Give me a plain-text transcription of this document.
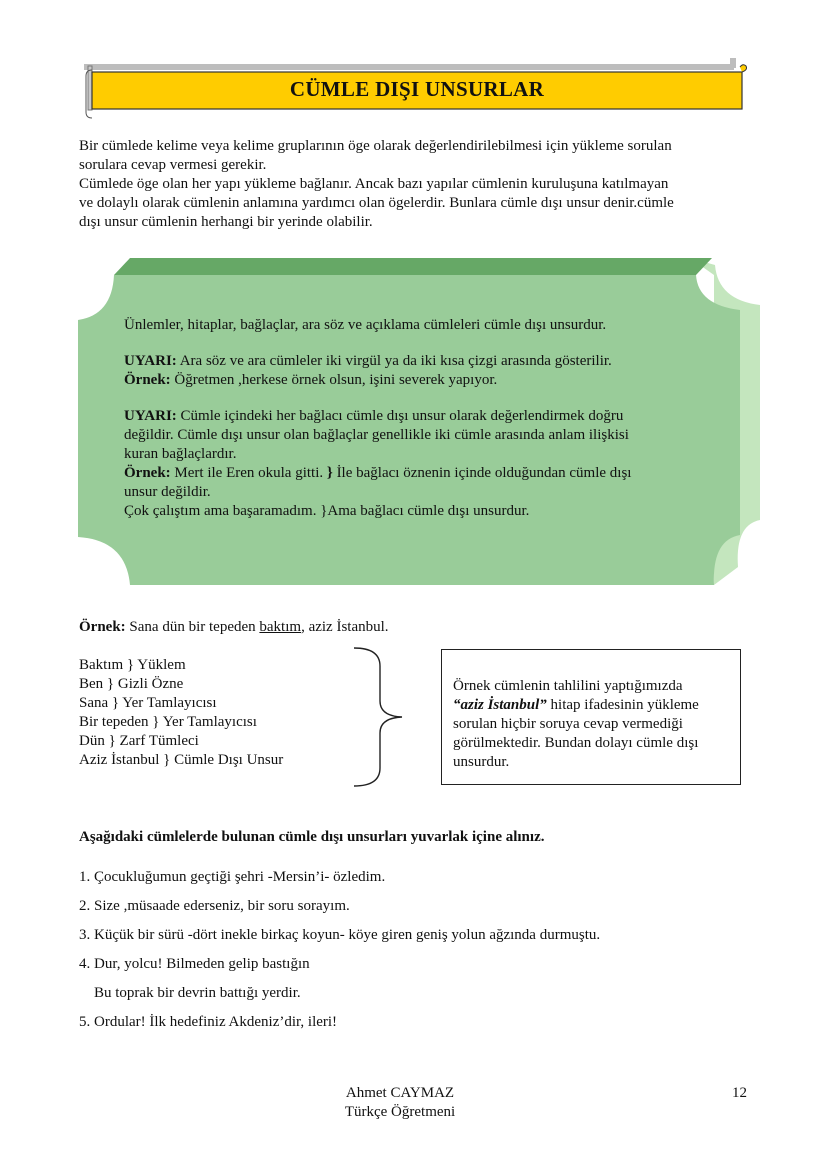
CÜMLE DIŞI UNSURLAR

Bir cümlede kelime veya kelime gruplarının öge olarak değerlendirilebilmesi için yükleme sorulan

sorulara cevap vermesi gerekir.

Cümlede öge olan her yapı yükleme bağlanır. Ancak bazı yapılar cümlenin kuruluşuna katılmayan

ve dolaylı olarak cümlenin anlamına yardımcı olan ögelerdir. Bunlara cümle dışı unsur denir.cümle

dışı unsur cümlenin herhangi bir yerinde olabilir.

Ünlemler, hitaplar, bağlaçlar, ara söz ve açıklama cümleleri cümle dışı unsurdur.

UYARI: Ara söz ve ara cümleler iki virgül ya da iki kısa çizgi arasında gösterilir.

Örnek: Öğretmen ,herkese örnek olsun, işini severek yapıyor.

UYARI: Cümle içindeki her bağlacı cümle dışı unsur olarak değerlendirmek doğru

değildir. Cümle dışı unsur olan bağlaçlar genellikle iki cümle arasında anlam ilişkisi

kuran bağlaçlardır.

Örnek: Mert ile Eren okula gitti. } İle bağlacı öznenin içinde olduğundan cümle dışı

unsur değildir.

Çok çalıştım ama başaramadım. }Ama bağlacı cümle dışı unsurdur.

Örnek: Sana dün bir tepeden baktım, aziz İstanbul.
Baktım } Yüklem
Ben } Gizli Özne
Sana } Yer Tamlayıcısı
Bir tepeden } Yer Tamlayıcısı
Dün } Zarf Tümleci
Aziz İstanbul } Cümle Dışı Unsur
Örnek cümlenin tahlilini yaptığımızda
“aziz İstanbul” hitap ifadesinin yükleme
sorulan hiçbir soruya cevap vermediği
görülmektedir. Bundan dolayı cümle dışı
unsurdur.
Aşağıdaki cümlelerde bulunan cümle dışı unsurları yuvarlak içine alınız.
1. Çocukluğumun geçtiği şehri -Mersin’i- özledim.
2. Size ,müsaade ederseniz, bir soru sorayım.
3. Küçük bir sürü -dört inekle birkaç koyun- köye giren geniş yolun ağzında durmuştu.
4. Dur, yolcu! Bilmeden gelip bastığın
Bu toprak bir devrin battığı yerdir.
5. Ordular! İlk hedefiniz Akdeniz’dir, ileri!
Ahmet CAYMAZ
Türkçe Öğretmeni
12
